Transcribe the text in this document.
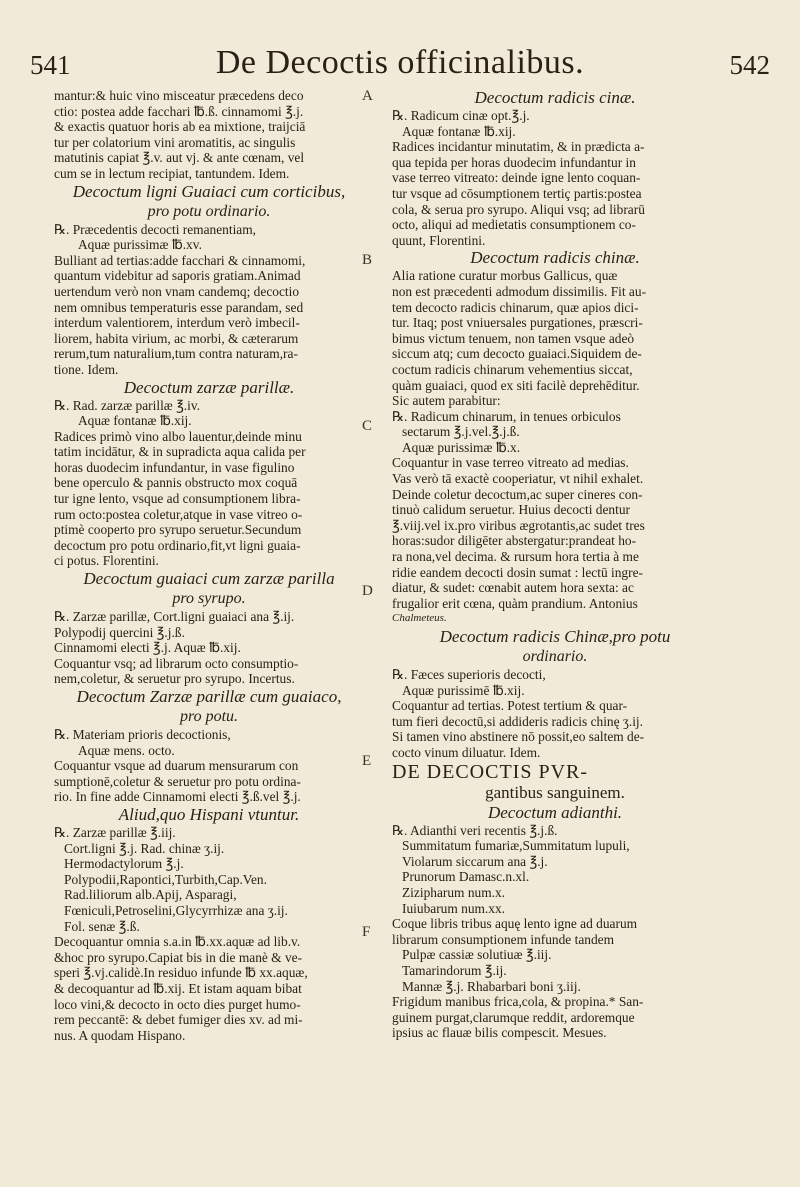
541	De Decoctis officinalibus.	542
A
B
C
D
E
F

mantur:& huic vino misceatur præcedens deco

ctio: postea adde facchari ℔.ß. cinnamomi ℥.j.

& exactis quatuor horis ab ea mixtione, traijciā

tur per colatorium vini aromatitis, ac singulis

matutinis capiat ℥.v. aut vj. & ante cœnam, vel

cum se in lectum recipiat, tantundem. Idem.

Decoctum ligni Guaiaci cum corticibus,

pro potu ordinario.

℞. Præcedentis decocti remanentiam,

Aquæ purissimæ ℔.xv.

Bulliant ad tertias:adde facchari & cinnamomi,

quantum videbitur ad saporis gratiam.Animad

uertendum verò non vnam candemq; decoctio

nem omnibus temperaturis esse parandam, sed

interdum valentiorem, interdum verò imbecil-

liorem, habita virium, ac morbi, & cæterarum

rerum,tum naturalium,tum contra naturam,ra-

tione. Idem.

Decoctum zarzæ parillæ.

℞. Rad. zarzæ parillæ ℥.iv.

Aquæ fontanæ ℔.xij.

Radices primò vino albo lauentur,deinde minu

tatim incidātur, & in supradicta aqua calida per

horas duodecim infundantur, in vase figulino

bene operculo & pannis obstructo mox coquā

tur igne lento, vsque ad consumptionem libra-

rum octo:postea coletur,atque in vase vitreo o-

ptimè cooperto pro syrupo seruetur.Secundum

decoctum pro potu ordinario,fit,vt ligni guaia-

ci potus. Florentini.

Decoctum guaiaci cum zarzæ parilla

pro syrupo.

℞. Zarzæ parillæ, Cort.ligni guaiaci ana ℥.ij.

Polypodij quercini ℥.j.ß.

Cinnamomi electi ℥.j. Aquæ ℔.xij.

Coquantur vsq; ad librarum octo consumptio-

nem,coletur, & seruetur pro syrupo. Incertus.

Decoctum Zarzæ parillæ cum guaiaco,

pro potu.

℞. Materiam prioris decoctionis,

Aquæ mens. octo.

Coquantur vsque ad duarum mensurarum con

sumptionē,coletur & seruetur pro potu ordina-

rio. In fine adde Cinnamomi electi ℥.ß.vel ℥.j.

Aliud,quo Hispani vtuntur.

℞. Zarzæ parillæ ℥.iij.

Cort.ligni ℥.j. Rad. chinæ ʒ.ij.

Hermodactylorum ℥.j.

Polypodii,Rapontici,Turbith,Cap.Ven.

Rad.liliorum alb.Apij, Asparagi,

Fœniculi,Petroselini,Glycyrrhizæ ana ʒ.ij.

Fol. senæ ℥.ß.

Decoquantur omnia s.a.in ℔.xx.aquæ ad lib.v.

&hoc pro syrupo.Capiat bis in die manè & ve-

speri ℥.vj.calidè.In residuo infunde ℔ xx.aquæ,

& decoquantur ad ℔.xij. Et istam aquam bibat

loco vini,& decocto in octo dies purget humo-

rem peccantē: & debet fumiger dies xv. ad mi-

nus. A quodam Hispano.

Decoctum radicis cinæ.

℞. Radicum cinæ opt.℥.j.

Aquæ fontanæ ℔.xij.

Radices incidantur minutatim, & in prædicta a-

qua tepida per horas duodecim infundantur in

vase terreo vitreato: deinde igne lento coquan-

tur vsque ad cōsumptionem tertiç partis:postea

cola, & serua pro syrupo. Aliqui vsq; ad librarū

octo, aliqui ad medietatis consumptionem co-

quunt, Florentini.

Decoctum radicis chinæ.

Alia ratione curatur morbus Gallicus, quæ

non est præcedenti admodum dissimilis. Fit au-

tem decocto radicis chinarum, quæ apios dici-

tur. Itaq; post vniuersales purgationes, præscri-

bimus victum tenuem, non tamen vsque adeò

siccum atq; cum decocto guaiaci.Siquidem de-

coctum radicis chinarum vehementius siccat,

quàm guaiaci, quod ex siti facilè deprehēditur.

Sic autem parabitur:

℞. Radicum chinarum, in tenues orbiculos

sectarum ℥.j.vel.℥.j.ß.

Aquæ purissimæ ℔.x.

Coquantur in vase terreo vitreato ad medias.

Vas verò tā exactè cooperiatur, vt nihil exhalet.

Deinde coletur decoctum,ac super cineres con-

tinuò calidum seruetur. Huius decocti dentur

℥.viij.vel ix.pro viribus ægrotantis,ac sudet tres

horas:sudor diligēter abstergatur:prandeat ho-

ra nona,vel decima. & rursum hora tertia à me

ridie eandem decocti dosin sumat : lectū ingre-

diatur, & sudet: cœnabit autem hora sexta: ac

frugalior erit cœna, quàm prandium. Antonius

Chalmeteus.

Decoctum radicis Chinæ,pro potu

ordinario.

℞. Fæces superioris decocti,

Aquæ purissimē ℔.xij.

Coquantur ad tertias. Potest tertium & quar-

tum fieri decoctū,si addideris radicis chinę ʒ.ij.

Si tamen vino abstinere nō possit,eo saltem de-

cocto vinum diluatur. Idem.

DE DECOCTIS PVR-

gantibus sanguinem.

Decoctum adianthi.

℞. Adianthi veri recentis ℥.j.ß.

Summitatum fumariæ,Summitatum lupuli,

Violarum siccarum ana ℥.j.

Prunorum Damasc.n.xl.

Zizipharum num.x.

Iuiubarum num.xx.

Coque libris tribus aquę lento igne ad duarum

librarum consumptionem infunde tandem

Pulpæ cassiæ solutiuæ ℥.iij.

Tamarindorum ℥.ij.

Mannæ ℥.j. Rhabarbari boni ʒ.iij.

Frigidum manibus frica,cola, & propina.* San-

guinem purgat,clarumque reddit, ardoremque

ipsius ac flauæ bilis compescit. Mesues.
